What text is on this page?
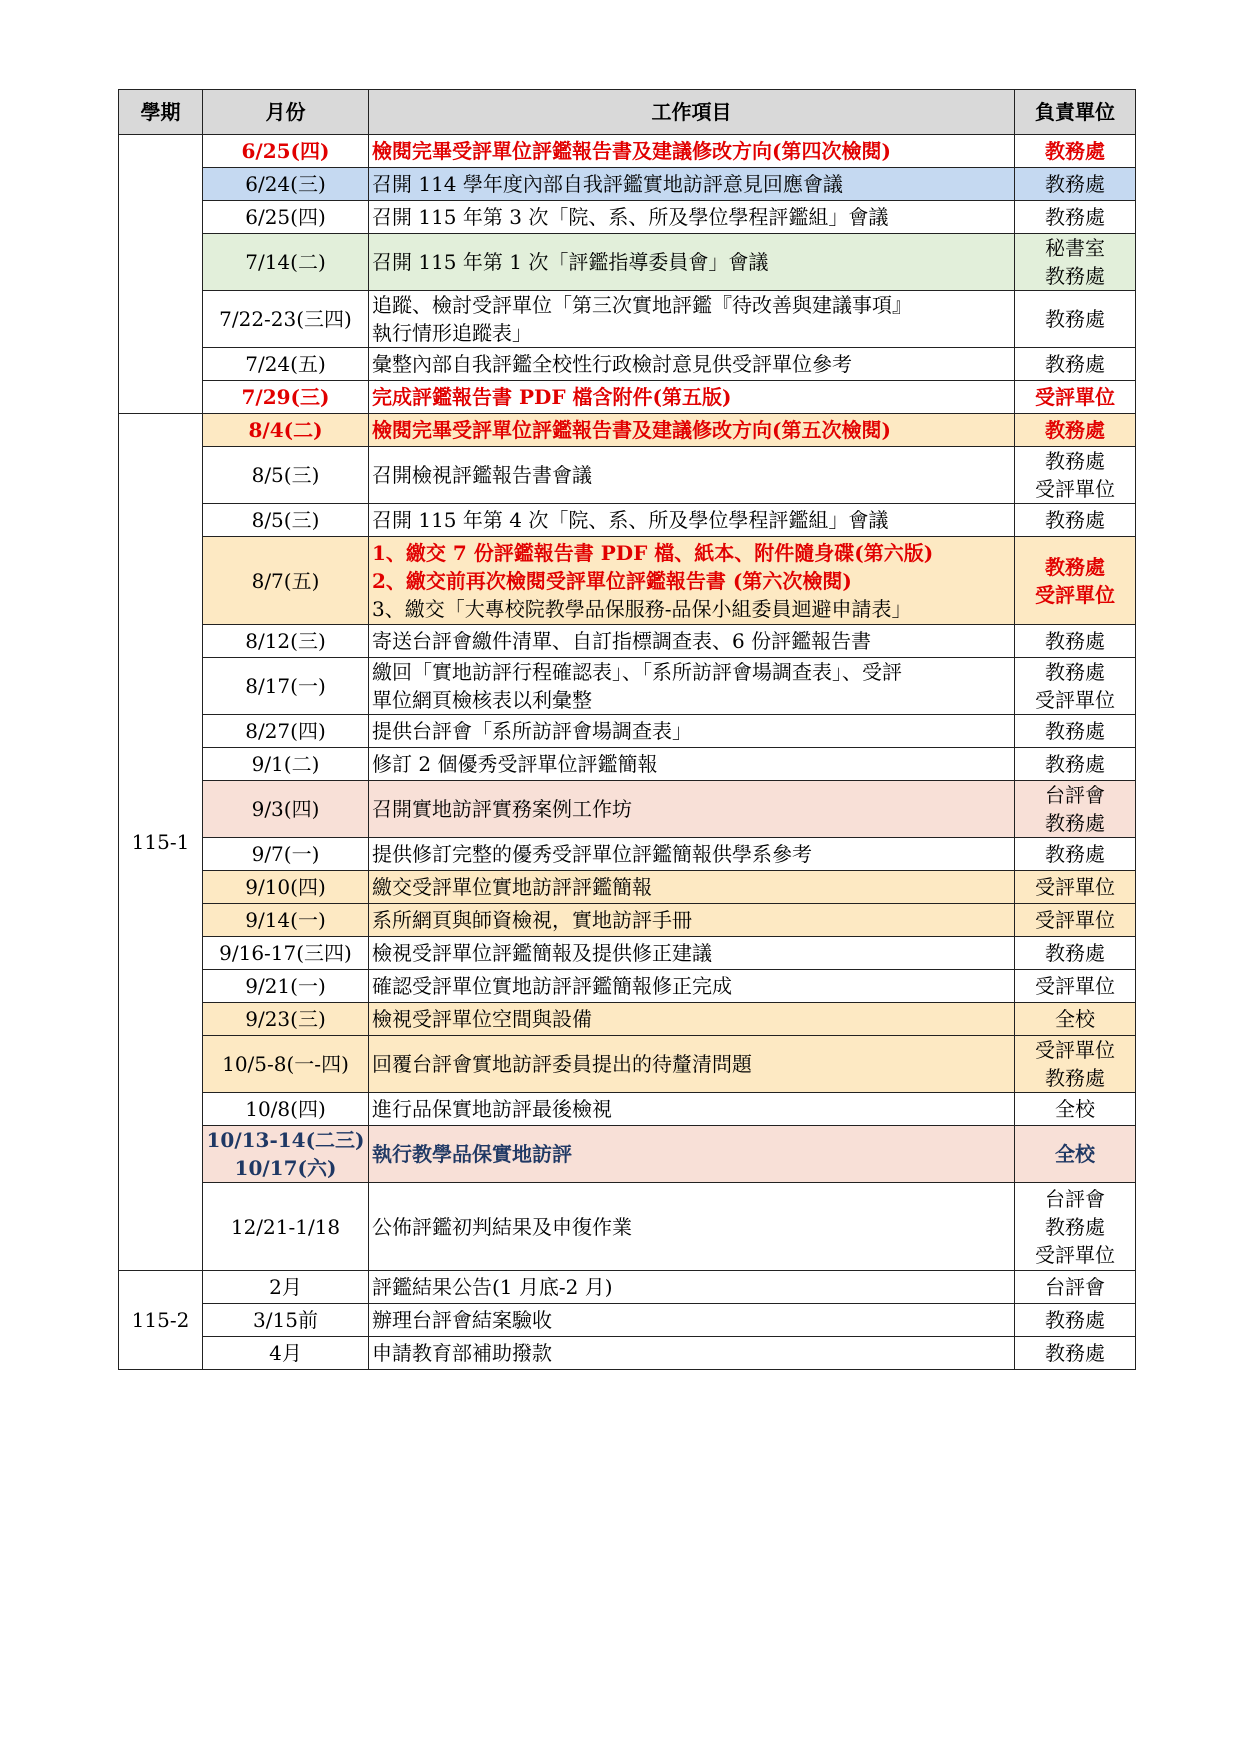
學期	月份	工作項目	負責單位

	6/25(四)	檢閱完畢受評單位評鑑報告書及建議修改方向(第四次檢閱)	教務處

	6/24(三)	召開 114 學年度內部自我評鑑實地訪評意見回應會議	教務處

	6/25(四)	召開 115 年第 3 次「院、系、所及學位學程評鑑組」會議	教務處

	7/14(二)	召開 115 年第 1 次「評鑑指導委員會」會議	秘書室
教務處

	7/22-23(三四)	追蹤、檢討受評單位「第三次實地評鑑『待改善與建議事項』
執行情形追蹤表」	教務處

	7/24(五)	彙整內部自我評鑑全校性行政檢討意見供受評單位參考	教務處

	7/29(三)	完成評鑑報告書 PDF 檔含附件(第五版)	受評單位

115-1	8/4(二)	檢閱完畢受評單位評鑑報告書及建議修改方向(第五次檢閱)	教務處

	8/5(三)	召開檢視評鑑報告書會議	教務處
受評單位

	8/5(三)	召開 115 年第 4 次「院、系、所及學位學程評鑑組」會議	教務處

	8/7(五)	1、繳交 7 份評鑑報告書 PDF 檔、紙本、附件隨身碟(第六版)
2、繳交前再次檢閱受評單位評鑑報告書 (第六次檢閱)
3、繳交「大專校院教學品保服務-品保小組委員迴避申請表」	教務處
受評單位

	8/12(三)	寄送台評會繳件清單、自訂指標調查表、6 份評鑑報告書	教務處

	8/17(一)	繳回「實地訪評行程確認表」、「系所訪評會場調查表」、受評
單位網頁檢核表以利彙整	教務處
受評單位

	8/27(四)	提供台評會「系所訪評會場調查表」	教務處

	9/1(二)	修訂 2 個優秀受評單位評鑑簡報	教務處

	9/3(四)	召開實地訪評實務案例工作坊	台評會
教務處

	9/7(一)	提供修訂完整的優秀受評單位評鑑簡報供學系參考	教務處

	9/10(四)	繳交受評單位實地訪評評鑑簡報	受評單位

	9/14(一)	系所網頁與師資檢視，實地訪評手冊	受評單位

	9/16-17(三四)	檢視受評單位評鑑簡報及提供修正建議	教務處

	9/21(一)	確認受評單位實地訪評評鑑簡報修正完成	受評單位

	9/23(三)	檢視受評單位空間與設備	全校

	10/5-8(一-四)	回覆台評會實地訪評委員提出的待釐清問題	受評單位
教務處

	10/8(四)	進行品保實地訪評最後檢視	全校

	10/13-14(二三)
10/17(六)	執行教學品保實地訪評	全校

	12/21-1/18	公佈評鑑初判結果及申復作業	台評會
教務處
受評單位

115-2	2月	評鑑結果公告(1 月底-2 月)	台評會

	3/15前	辦理台評會結案驗收	教務處

	4月	申請教育部補助撥款	教務處
